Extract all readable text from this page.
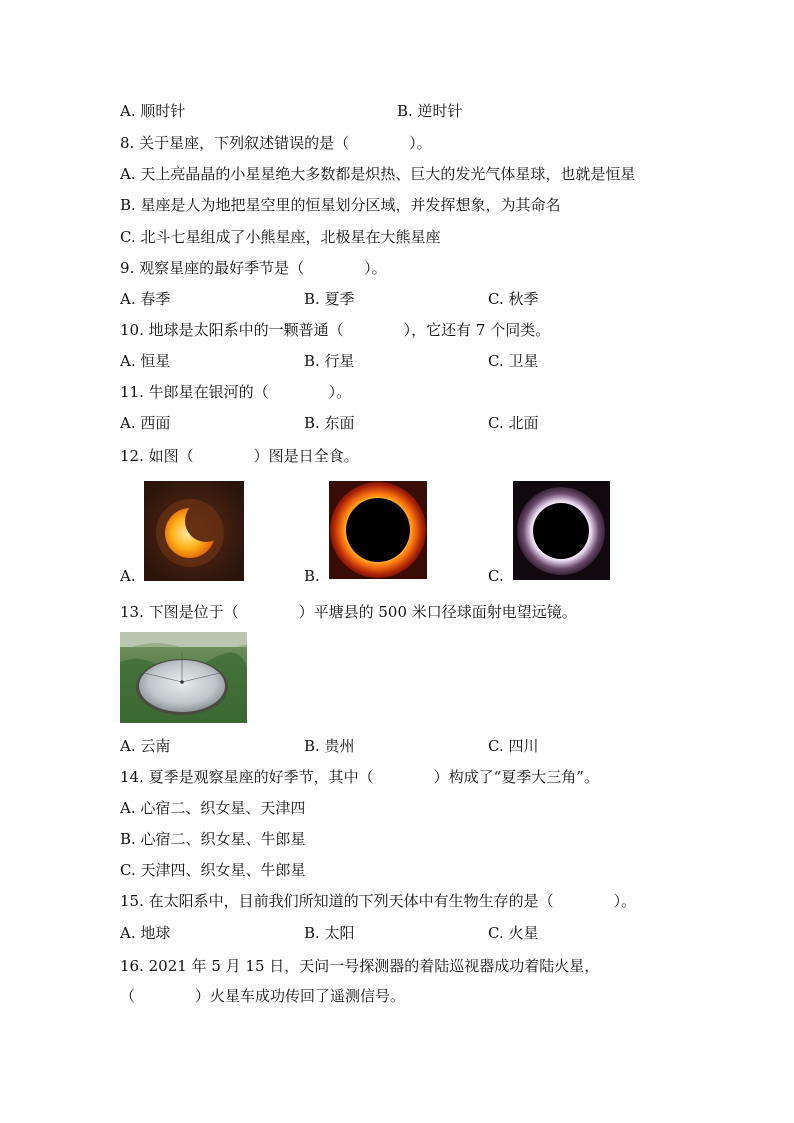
A. 顺时针	B. 逆时针
8. 关于星座，下列叙述错误的是（　　　　）。
A. 天上亮晶晶的小星星绝大多数都是炽热、巨大的发光气体星球，也就是恒星
B. 星座是人为地把星空里的恒星划分区域，并发挥想象，为其命名
C. 北斗七星组成了小熊星座，北极星在大熊星座
9. 观察星座的最好季节是（　　　　）。
A. 春季	B. 夏季	C. 秋季
10. 地球是太阳系中的一颗普通（　　　　），它还有 7 个同类。
A. 恒星	B. 行星	C. 卫星
11. 牛郎星在银河的（　　　　）。
A. 西面	B. 东面	C. 北面
12. 如图（　　　　）图是日全食。
A.	B.	C.
13. 下图是位于（　　　　）平塘县的 500 米口径球面射电望远镜。
A. 云南	B. 贵州	C. 四川
14. 夏季是观察星座的好季节，其中（　　　　）构成了“夏季大三角”。
A. 心宿二、织女星、天津四
B. 心宿二、织女星、牛郎星
C. 天津四、织女星、牛郎星
15. 在太阳系中，目前我们所知道的下列天体中有生物生存的是（　　　　）。
A. 地球	B. 太阳	C. 火星
16. 2021 年 5 月 15 日，天问一号探测器的着陆巡视器成功着陆火星，
（　　　　）火星车成功传回了遥测信号。
